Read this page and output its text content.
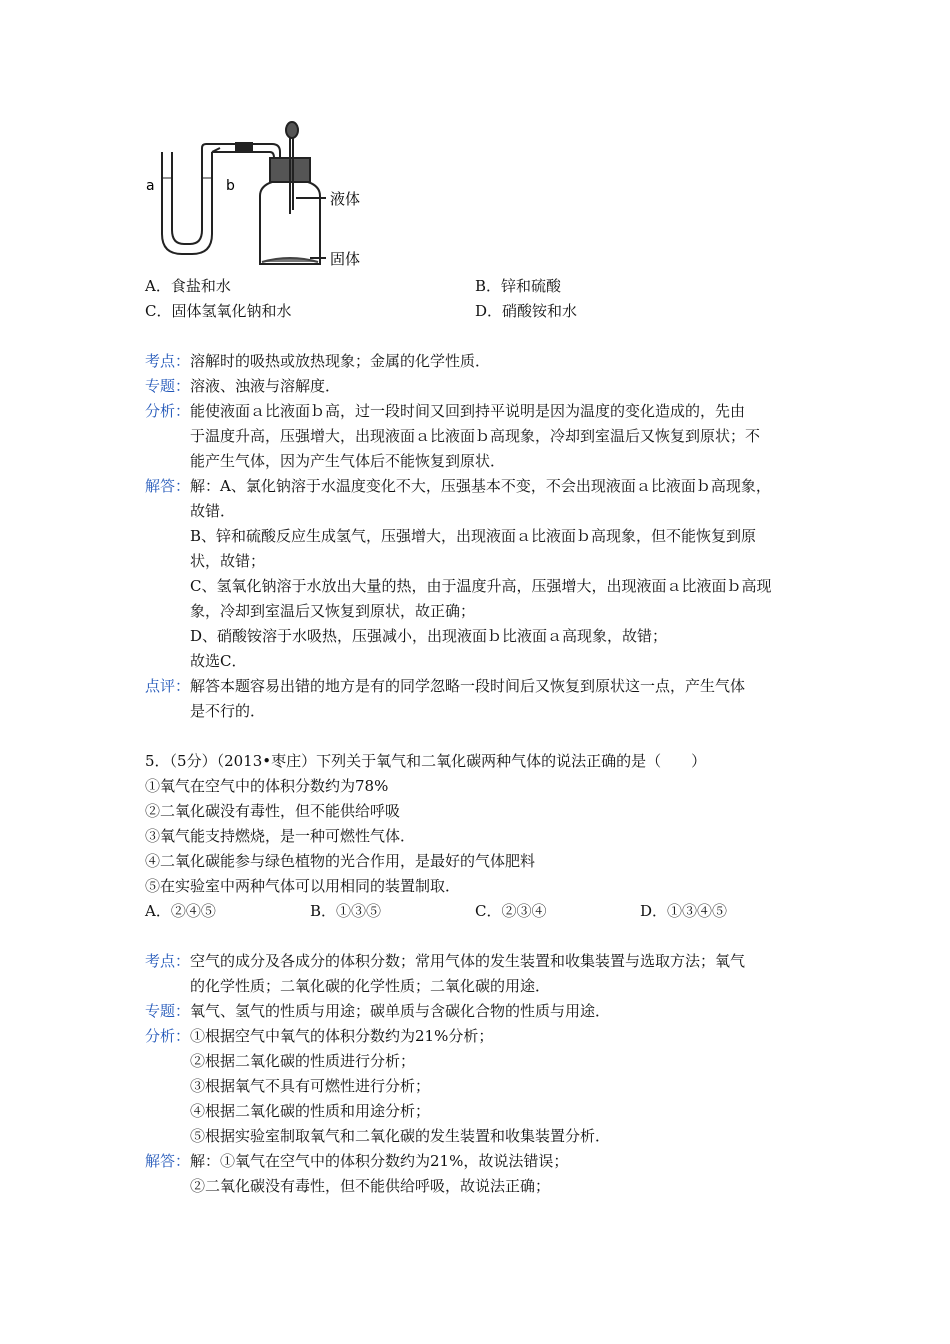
a	b
液体
固体
A．食盐和水	B．锌和硫酸
C．固体氢氧化钠和水	D．硝酸铵和水
考点：溶解时的吸热或放热现象；金属的化学性质．
专题：溶液、浊液与溶解度．
分析：能使液面ａ比液面ｂ高，过一段时间又回到持平说明是因为温度的变化造成的，先由
于温度升高，压强增大，出现液面ａ比液面ｂ高现象，冷却到室温后又恢复到原状；不
能产生气体，因为产生气体后不能恢复到原状．
解答：解：A、氯化钠溶于水温度变化不大，压强基本不变，不会出现液面ａ比液面ｂ高现象，
故错．
B、锌和硫酸反应生成氢气，压强增大，出现液面ａ比液面ｂ高现象，但不能恢复到原
状，故错；
C、氢氧化钠溶于水放出大量的热，由于温度升高，压强增大，出现液面ａ比液面ｂ高现
象，冷却到室温后又恢复到原状，故正确；
D、硝酸铵溶于水吸热，压强减小，出现液面ｂ比液面ａ高现象，故错；
故选C．
点评：解答本题容易出错的地方是有的同学忽略一段时间后又恢复到原状这一点，产生气体
是不行的．
5．（5分）（2013•枣庄）下列关于氧气和二氧化碳两种气体的说法正确的是（　　）
①氧气在空气中的体积分数约为78%
②二氧化碳没有毒性，但不能供给呼吸
③氧气能支持燃烧，是一种可燃性气体．
④二氧化碳能参与绿色植物的光合作用，是最好的气体肥料
⑤在实验室中两种气体可以用相同的装置制取．
A．②④⑤	B．①③⑤	C．②③④	D．①③④⑤
考点：空气的成分及各成分的体积分数；常用气体的发生装置和收集装置与选取方法；氧气
的化学性质；二氧化碳的化学性质；二氧化碳的用途．
专题：氧气、氢气的性质与用途；碳单质与含碳化合物的性质与用途．
分析：①根据空气中氧气的体积分数约为21%分析；
②根据二氧化碳的性质进行分析；
③根据氧气不具有可燃性进行分析；
④根据二氧化碳的性质和用途分析；
⑤根据实验室制取氧气和二氧化碳的发生装置和收集装置分析．
解答：解：①氧气在空气中的体积分数约为21%，故说法错误；
②二氧化碳没有毒性，但不能供给呼吸，故说法正确；
